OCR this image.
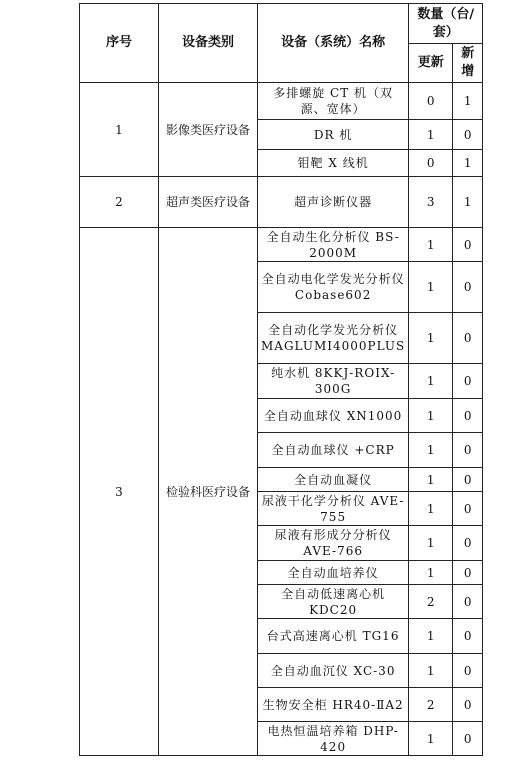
序号	设备类别	设备（系统）名称	数量（台/套）	
			更新	新增
1	影像类医疗设备	多排螺旋 CT 机（双源、宽体）	0	1
		DR 机	1	0
		钼靶 X 线机	0	1
2	超声类医疗设备	超声诊断仪器	3	1
3	检验科医疗设备	全自动生化分析仪 BS-2000M	1	0
		全自动电化学发光分析仪 Cobase602	1	0
		全自动化学发光分析仪 MAGLUMI4000PLUS	1	0
		纯水机 8KKJ-ROIX-300G	1	0
		全自动血球仪 XN1000	1	0
		全自动血球仪 +CRP	1	0
		全自动血凝仪	1	0
		尿液干化学分析仪 AVE-755	1	0
		尿液有形成分分析仪 AVE-766	1	0
		全自动血培养仪	1	0
		全自动低速离心机 KDC20	2	0
		台式高速离心机 TG16	1	0
		全自动血沉仪 XC-30	1	0
		生物安全柜 HR40-ⅡA2	2	0
		电热恒温培养箱 DHP-420	1	0
